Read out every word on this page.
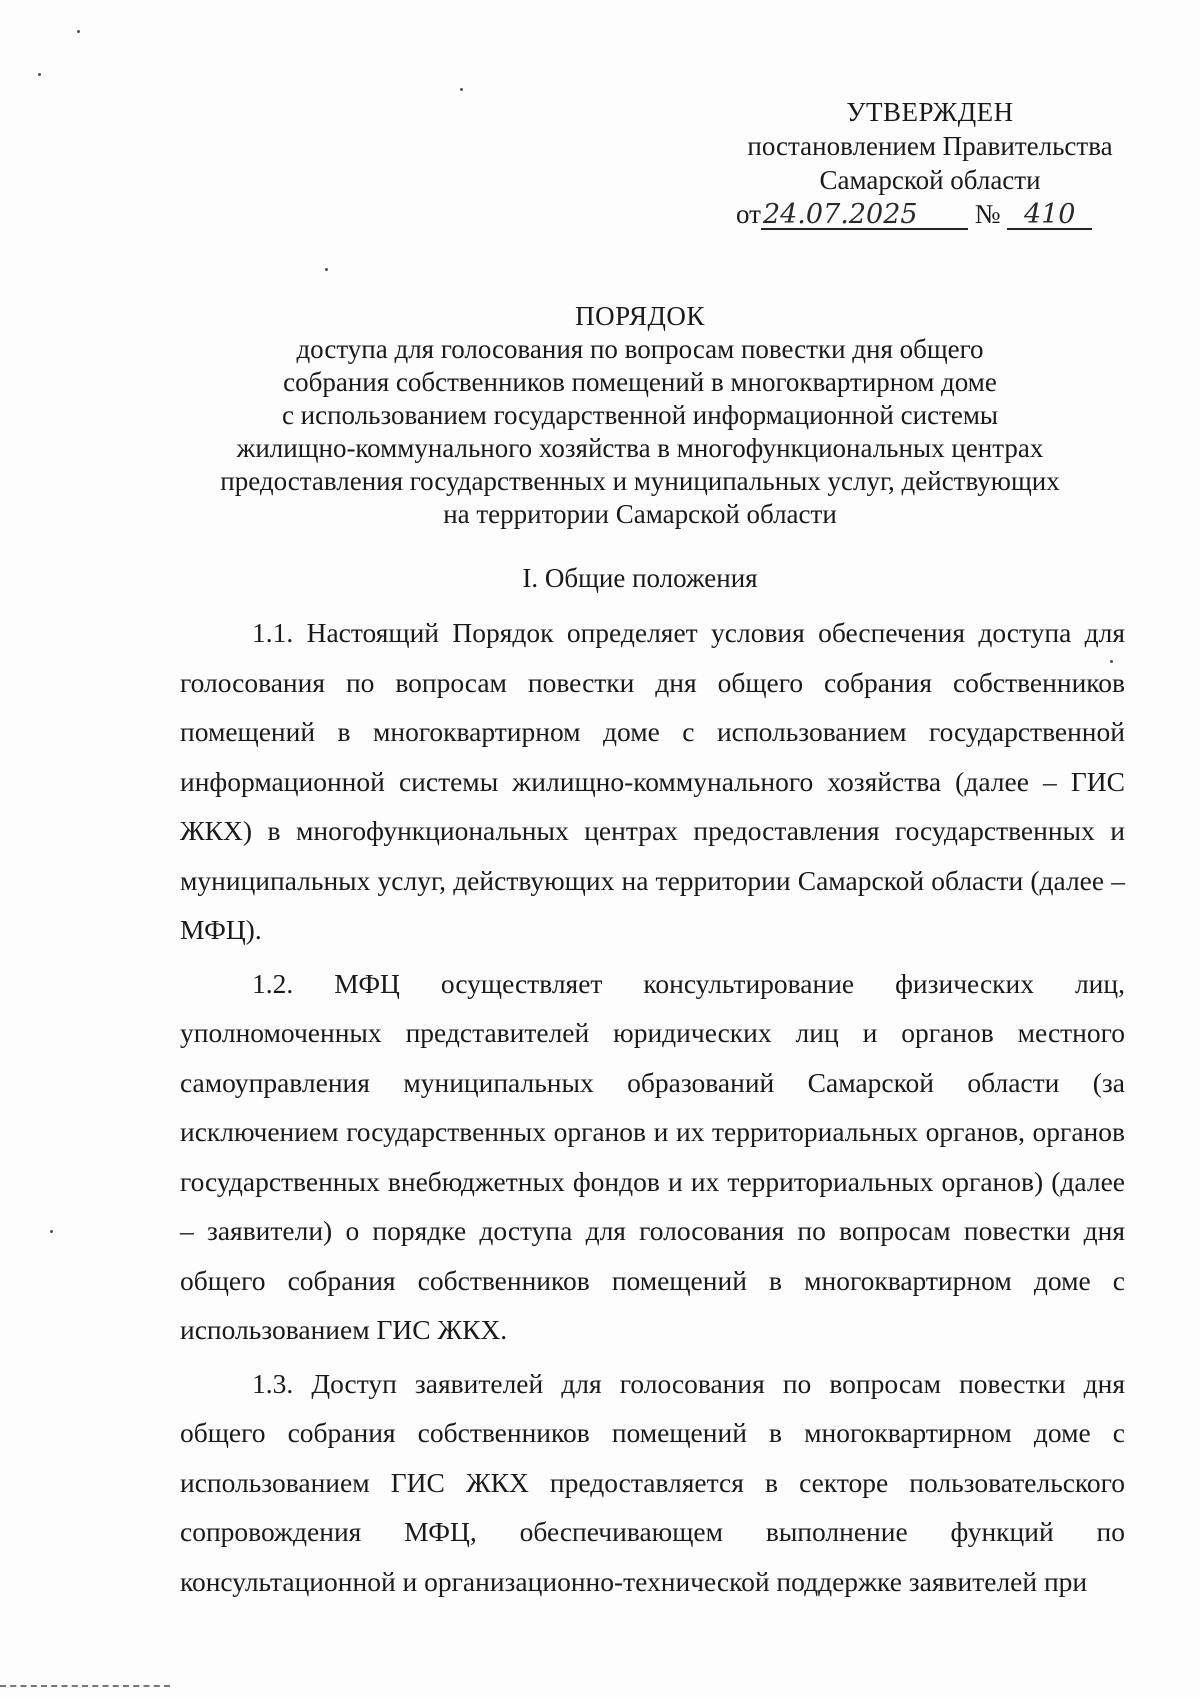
УТВЕРЖДЕН
постановлением Правительства
Самарской области
от24.07.2025 № 410
ПОРЯДОК
доступа для голосования по вопросам повестки дня общего
собрания собственников помещений в многоквартирном доме
с использованием государственной информационной системы
жилищно-коммунального хозяйства в многофункциональных центрах
предоставления государственных и муниципальных услуг, действующих
на территории Самарской области
I. Общие положения

1.1. Настоящий Порядок определяет условия обеспечения доступа для голосования по вопросам повестки дня общего собрания собственников помещений в многоквартирном доме с использованием государственной информационной системы жилищно-коммунального хозяйства (далее – ГИС ЖКХ) в многофункциональных центрах предоставления государственных и муниципальных услуг, действующих на территории Самарской области (далее – МФЦ).

1.2. МФЦ осуществляет консультирование физических лиц, уполномоченных представителей юридических лиц и органов местного самоуправления муниципальных образований Самарской области (за исключением государственных органов и их территориальных органов, органов государственных внебюджетных фондов и их территориальных органов) (далее – заявители) о порядке доступа для голосования по вопросам повестки дня общего собрания собственников помещений в многоквартирном доме с использованием ГИС ЖКХ.

1.3. Доступ заявителей для голосования по вопросам повестки дня общего собрания собственников помещений в многоквартирном доме с использованием ГИС ЖКХ предоставляется в секторе пользовательского сопровождения МФЦ, обеспечивающем выполнение функций по консультационной и организационно-технической поддержке заявителей при
